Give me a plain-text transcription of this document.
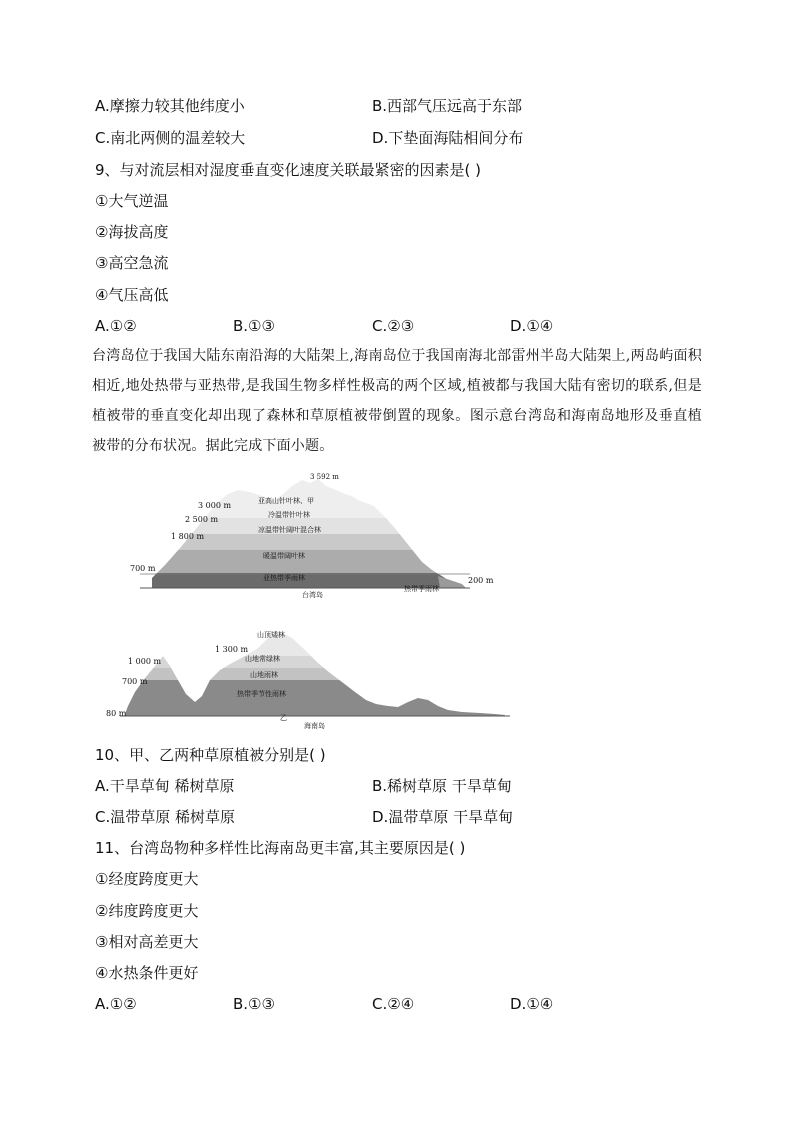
A.摩擦力较其他纬度小	B.西部气压远高于东部
C.南北两侧的温差较大	D.下垫面海陆相间分布
9、与对流层相对湿度垂直变化速度关联最紧密的因素是( )
①大气逆温
②海拔高度
③高空急流
④气压高低
A.①②	B.①③	C.②③	D.①④
台湾岛位于我国大陆东南沿海的大陆架上,海南岛位于我国南海北部雷州半岛大陆架上,两岛屿面积相近,地处热带与亚热带,是我国生物多样性极高的两个区域,植被都与我国大陆有密切的联系,但是植被带的垂直变化却出现了森林和草原植被带倒置的现象。图示意台湾岛和海南岛地形及垂直植被带的分布状况。据此完成下面小题。
3 592 m
3 000 m
2 500 m
1 800 m
700 m
200 m
亚高山针叶林、甲
冷温带针叶林
凉温带针阔叶混合林
暖温带阔叶林
亚热带季雨林
热带季雨林
台湾岛
1 300 m
1 000 m
700 m
80 m
山顶矮林
山地常绿林
山地雨林
热带季节性雨林
乙
海南岛
10、甲、乙两种草原植被分别是( )
A.干旱草甸 稀树草原	B.稀树草原 干旱草甸
C.温带草原 稀树草原	D.温带草原 干旱草甸
11、台湾岛物种多样性比海南岛更丰富,其主要原因是( )
①经度跨度更大
②纬度跨度更大
③相对高差更大
④水热条件更好
A.①②	B.①③	C.②④	D.①④
